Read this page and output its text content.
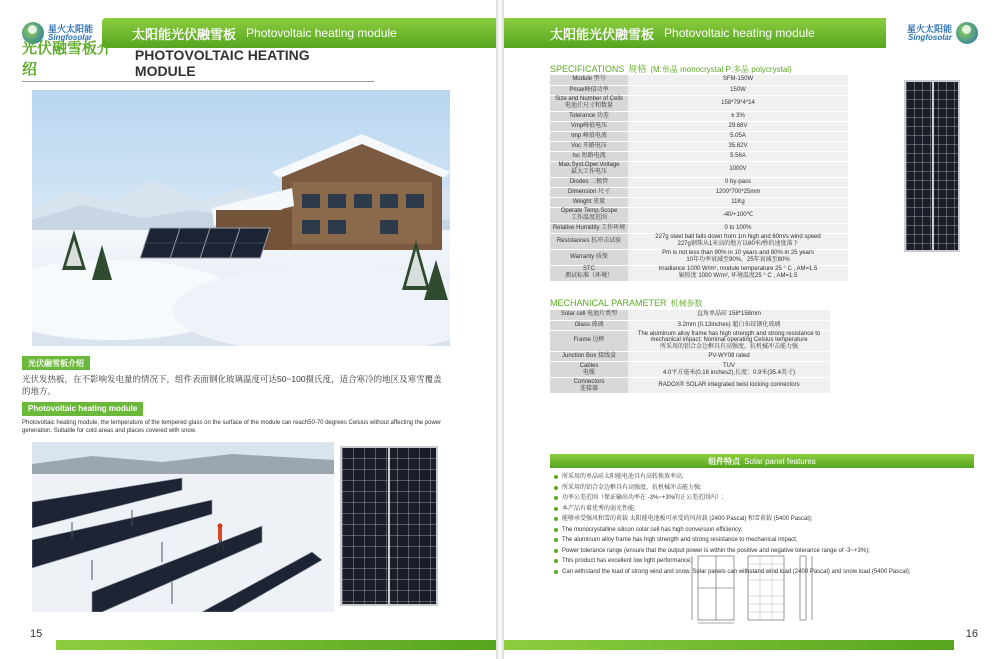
星火太阳能
Singfosolar	太阳能光伏融雪板 Photovoltaic heating module
光伏融雪板介绍
PHOTOVOLTAIC HEATING MODULE
光伏融雪板介绍
光伏发热板，在不影响发电量的情况下，组件表面钢化玻璃温度可达50~100摄氏度，适合寒冷的地区及寒雪覆盖的地方。
Photovoltaic heating module
Photovoltaic heating module, the temperature of the tempered glass on the surface of the module can reach50-70 degrees Celsius without affecting the power generation. Suitable for cold areas and places covered with snow.
15
太阳能光伏融雪板 Photovoltaic heating module	星火太阳能
Singfosolar
SPECIFICATIONS 规格 (M:单晶 monocrystal P:多晶 polycrystal)
Module 型号	SFM-150W
Pmax峰值功率	150W
Size and Number of Cells
电池片尺寸和数量	158*79*4*14
Tolerance 功差	± 3%
Vmp峰值电压	29.68V
Imp 峰值电流	5.05A
Voc 开路电压	35.62V
Isc 短路电流	5.56A
Max.Syst.Oper.Voltage
最大工作电压	1000V
Diodes 二极管	0 by-pass
Dimension 尺寸	1200*700*25mm
Weight 重量	11Kg
Operate Temp.Scope
工作温度范围	-40/+100℃
Relative Humidity 工作环境	0 to 100%
Resistances 抗冲击试验	227g steel ball falls down from 1m high and 60m/s wind speed
227g钢珠从1米高的地方以60米/秒的速度落下
Warranty 质保	Pm is not less than 90% in 10 years and 80% in 25 years
10年功率衰减至90%，25年衰减至80%
STC
测试标准（环境）	Irradiance 1000 W/m², module temperature 25 ° C , AM=1.5
辐照度 1000 W/m², 环境温度25 ° C , AM=1.5
MECHANICAL PARAMETER 机械参数
Solar cell 电池片类型	直角单晶硅 158*158mm
Glass 玻璃	3.2mm (0.13inches) 超白布纹钢化玻璃
Frame 边框	The aluminum alloy frame has high strength and strong resistance to mechanical impact; Nominal operating Celsius temperature
所采用的铝合金边框具有高强度，抗机械冲击能力强
Junction Box 接线盒	PV-WY08 rated
Cables
电缆	TUV
4.0平方毫米(0.16 inches2),长度：0.9米(35.4英寸)
Connectors
连接器	RADOX® SOLAR integrated twist locking connectors
组件特点 Solar panel features
所采用的单晶硅太阳能电池具有高转换效率高;
所采用的铝合金边框具有高强度，抗机械冲击能力强;
功率公差范围（保证输出功率在 -3%~+3%的正公差范围内）;
本产品有着优秀的弱光性能;
能够承受强风和雪的荷载 太阳能电池板可承受的风荷载 (2400 Pascal) 和雪荷载 (5400 Pascal);
The monocrystalline silicon solar cell has high conversion efficiency;
The aluminum alloy frame has high strength and strong resistance to mechanical impact;
Power tolerance range (ensure that the output power is within the positive and negative tolerance range of -3~+3%);
This product has excellent low light performance;
Can withstand the load of strong wind and snow. Solar panels can withstand wind load (2400 Pascal) and snow load (5400 Pascal);
16
